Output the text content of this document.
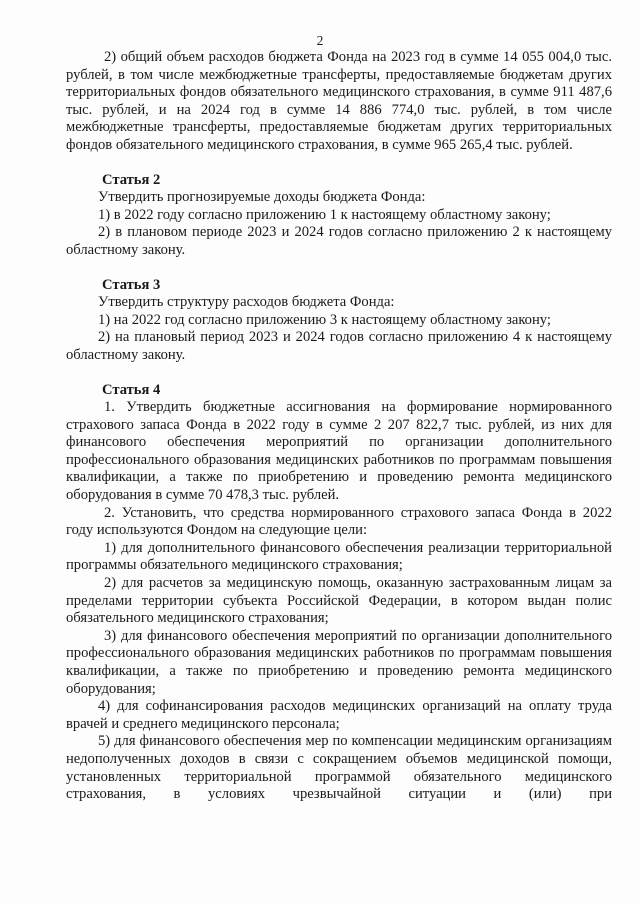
2

2) общий объем расходов бюджета Фонда на 2023 год в сумме 14 055 004,0 тыс. рублей, в том числе межбюджетные трансферты, предоставляемые бюджетам других территориальных фондов обязательного медицинского страхования, в сумме 911 487,6 тыс. рублей, и на 2024 год в сумме 14 886 774,0 тыс. рублей, в том числе межбюджетные трансферты, предоставляемые бюджетам других территориальных фондов обязательного медицинского страхования, в сумме 965 265,4 тыс. рублей.

Статья 2

Утвердить прогнозируемые доходы бюджета Фонда:

1) в 2022 году согласно приложению 1 к настоящему областному закону;

2) в плановом периоде 2023 и 2024 годов согласно приложению 2 к настоящему областному закону.

Статья 3

Утвердить структуру расходов бюджета Фонда:

1) на 2022 год согласно приложению 3 к настоящему областному закону;

2) на плановый период 2023 и 2024 годов согласно приложению 4 к настоящему областному закону.

Статья 4

1. Утвердить бюджетные ассигнования на формирование нормированного страхового запаса Фонда в 2022 году в сумме 2 207 822,7 тыс. рублей, из них для финансового обеспечения мероприятий по организации дополнительного профессионального образования медицинских работников по программам повышения квалификации, а также по приобретению и проведению ремонта медицинского оборудования в сумме 70 478,3 тыс. рублей.

2. Установить, что средства нормированного страхового запаса Фонда в 2022 году используются Фондом на следующие цели:

1) для дополнительного финансового обеспечения реализации территориальной программы обязательного медицинского страхования;

2) для расчетов за медицинскую помощь, оказанную застрахованным лицам за пределами территории субъекта Российской Федерации, в котором выдан полис обязательного медицинского страхования;

3) для финансового обеспечения мероприятий по организации дополнительного профессионального образования медицинских работников по программам повышения квалификации, а также по приобретению и проведению ремонта медицинского оборудования;

4) для софинансирования расходов медицинских организаций на оплату труда врачей и среднего медицинского персонала;

5) для финансового обеспечения мер по компенсации медицинским организациям недополученных доходов в связи с сокращением объемов медицинской помощи, установленных территориальной программой обязательного медицинского страхования, в условиях чрезвычайной ситуации и (или) при
